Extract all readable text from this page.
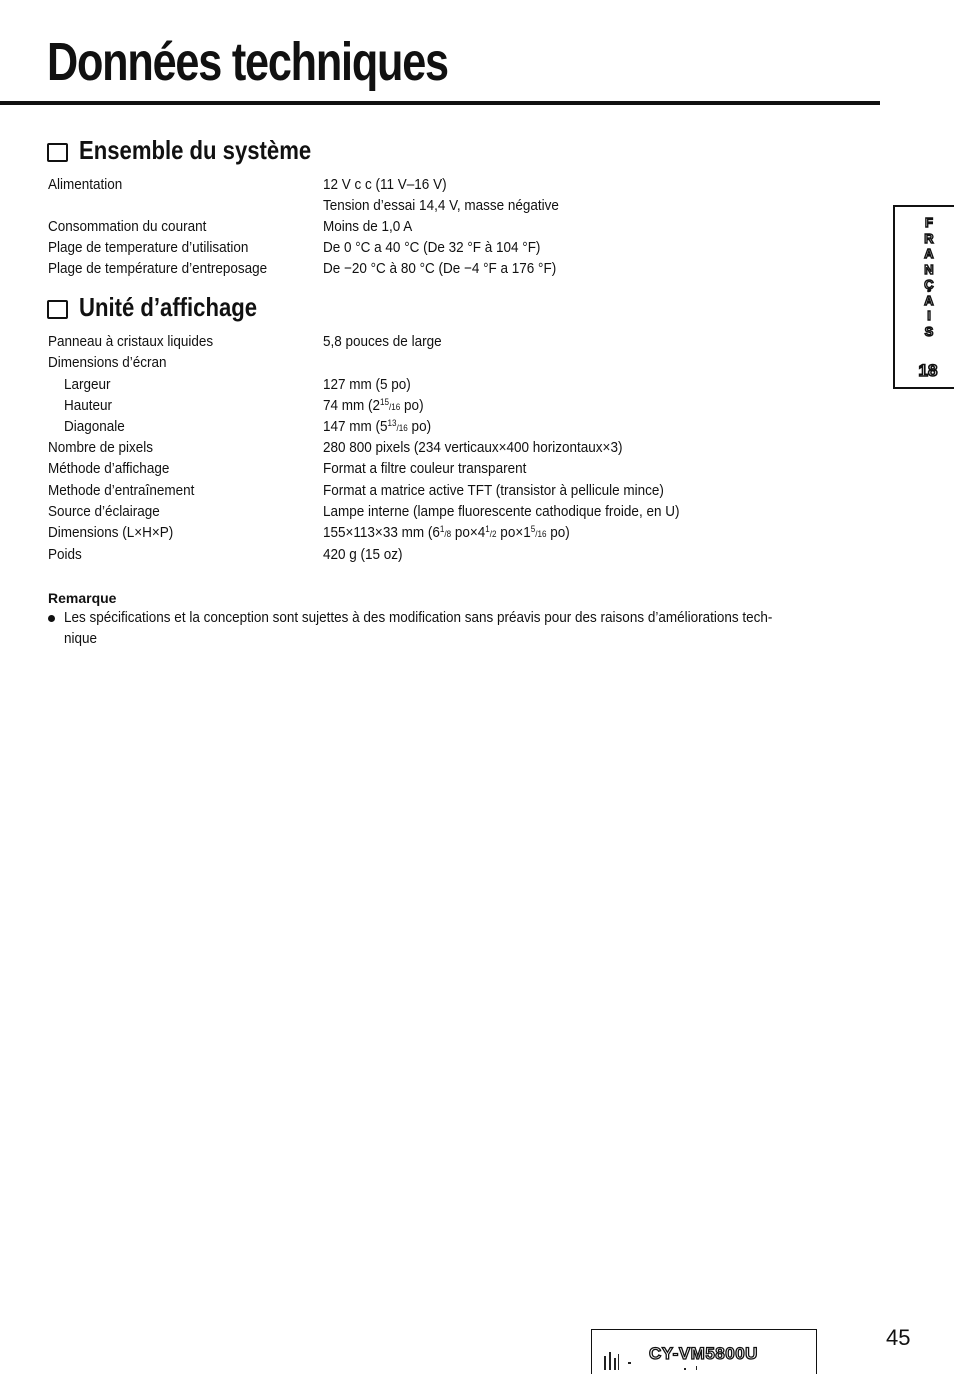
Données techniques
Ensemble du système
Alimentation	12 V c c (11 V–16 V)
Tension d’essai 14,4 V, masse négative
Consommation du courant	Moins de 1,0 A
Plage de temperature d’utilisation	De 0 °C a 40 °C (De 32 °F à 104 °F)
Plage de température d’entreposage	De −20 °C à 80 °C (De −4 °F a 176 °F)
Unité d’affichage
Panneau à cristaux liquides	5,8 pouces de large
Dimensions d’écran
Largeur	127 mm (5 po)
Hauteur	74 mm ($2^{15}/16$ po)
Diagonale	147 mm ($5^{13}/16$ po)
Nombre de pixels	280 800 pixels (234 verticaux×400 horizontaux×3)
Méthode d’affichage	Format a filtre couleur transparent
Methode d’entraînement	Format a matrice active TFT (transistor à pellicule mince)
Source d’éclairage	Lampe interne (lampe fluorescente cathodique froide, en U)
Dimensions (L×H×P)	155×113×33 mm ($6^1/8$ $po\times 4^1/2$ $po\times 1^5/16$ po)
Poids	420 g (15 oz)
Remarque
Les spécifications et la conception sont sujettes à des modification sans préavis pour des raisons d’améliorations tech-
nique
F
R
A
N
Ç
A
I
S
18
CY-VM5800U
45
